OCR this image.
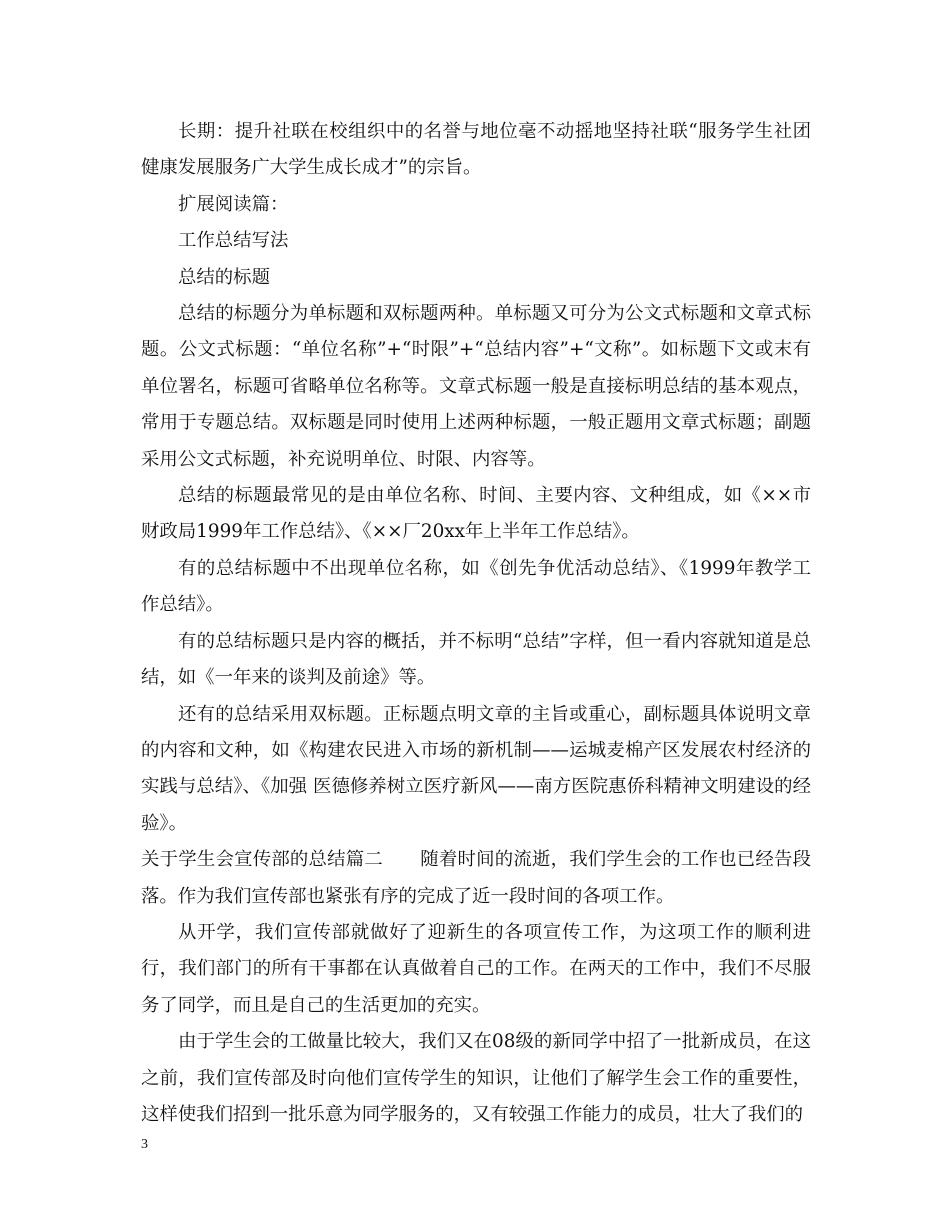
长期：提升社联在校组织中的名誉与地位毫不动摇地坚持社联“服务学生社团健康发展服务广大学生成长成才”的宗旨。

扩展阅读篇：

工作总结写法

总结的标题

总结的标题分为单标题和双标题两种。单标题又可分为公文式标题和文章式标题。公文式标题：“单位名称”+“时限”+“总结内容”+“文称”。如标题下文或末有单位署名，标题可省略单位名称等。文章式标题一般是直接标明总结的基本观点，常用于专题总结。双标题是同时使用上述两种标题，一般正题用文章式标题；副题采用公文式标题，补充说明单位、时限、内容等。

总结的标题最常见的是由单位名称、时间、主要内容、文种组成，如《××市财政局1999年工作总结》、《××厂20xx年上半年工作总结》。

有的总结标题中不出现单位名称，如《创先争优活动总结》、《1999年教学工作总结》。

有的总结标题只是内容的概括，并不标明“总结”字样，但一看内容就知道是总结，如《一年来的谈判及前途》等。

还有的总结采用双标题。正标题点明文章的主旨或重心，副标题具体说明文章的内容和文种，如《构建农民进入市场的新机制——运城麦棉产区发展农村经济的实践与总结》、《加强 医德修养树立医疗新风——南方医院惠侨科精神文明建设的经验》。

关于学生会宣传部的总结篇二　　随着时间的流逝，我们学生会的工作也已经告段落。作为我们宣传部也紧张有序的完成了近一段时间的各项工作。

从开学，我们宣传部就做好了迎新生的各项宣传工作，为这项工作的顺利进行，我们部门的所有干事都在认真做着自己的工作。在两天的工作中，我们不尽服务了同学，而且是自己的生活更加的充实。

由于学生会的工做量比较大，我们又在08级的新同学中招了一批新成员，在这之前，我们宣传部及时向他们宣传学生的知识，让他们了解学生会工作的重要性，这样使我们招到一批乐意为同学服务的，又有较强工作能力的成员，壮大了我们的

3
